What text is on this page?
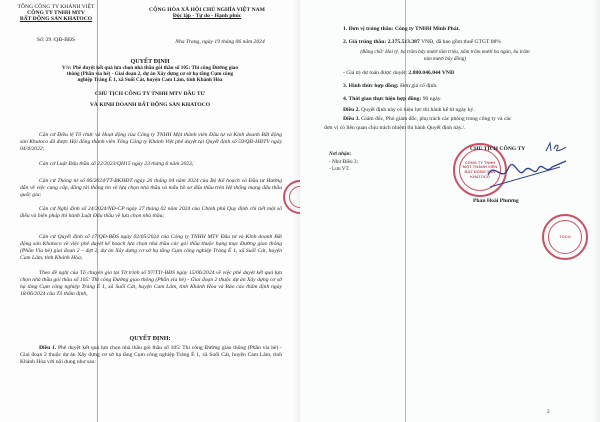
TỔNG CÔNG TY KHÁNH VIỆT
CÔNG TY TNHH MTV
BẤT ĐỘNG SẢN KHATOCO
Số: 29 /QĐ-BĐS
CỘNG HÒA XÃ HỘI CHỦ NGHĨA VIỆT NAM
Độc lập - Tự do - Hạnh phúc
Nha Trang, ngày 19 tháng 06 năm 2024
QUYẾT ĐỊNH
V/v: Phê duyệt kết quả lựa chọn nhà thầu gói thầu số 105: Thi công Đường giao
thông (Phần vỉa hè) - Giai đoạn 2, dự án Xây dựng cơ sở hạ tầng Cụm công
nghiệp Trảng É 1, xã Suối Cát, huyện Cam Lâm, tỉnh Khánh Hòa
CHỦ TỊCH CÔNG TY TNHH MTV ĐẦU TƯ
VÀ KINH DOANH BẤT ĐỘNG SẢN KHATOCO
Căn cứ Điều lệ Tổ chức và Hoạt động của Công ty TNHH Một thành viên Đầu tư và Kinh doanh Bất động sản Khatoco đã được Hội đồng thành viên Tổng Công ty Khánh Việt phê duyệt tại Quyết định số 59/QĐ-HĐTV ngày 04/4/2022;
Căn cứ Luật Đấu thầu số 22/2023/QH15 ngày 23 tháng 6 năm 2023;
Căn cứ Thông tư số 06/2024/TT-BKHĐT ngày 26 tháng 04 năm 2024 của Bộ Kế hoạch và Đầu tư Hướng dẫn về việc cung cấp, đăng tải thông tin về lựa chọn nhà thầu và mẫu hồ sơ đấu thầu trên Hệ thống mạng đấu thầu quốc gia;
Căn cứ Nghị định số 24/2024/NĐ-CP ngày 27 tháng 02 năm 2024 của Chính phủ Quy định chi tiết một số điều và biện pháp thi hành Luật Đấu thầu về lựa chọn nhà thầu;
Căn cứ Quyết định số 17/QĐ-BĐS ngày 02/05/2024 của Công ty TNHH MTV Đầu tư và Kinh doanh Bất động sản Khatoco về việc phê duyệt kế hoạch lựa chọn nhà thầu các gói thầu thuộc hạng mục Đường giao thông (Phần Vỉa hè) giai đoạn 2 – đợt 2, dự án Xây dựng cơ sở hạ tầng Cụm công nghiệp Trảng É 1, xã Suối Cát, huyện Cam Lâm, tỉnh Khánh Hòa;
Theo đề nghị của Tổ chuyên gia tại Tờ trình số 97/TTr-BĐS ngày 15/06/2024 về việc phê duyệt kết quả lựa chọn nhà thầu gói thầu số 105: Thi công Đường giao thông (Phần vỉa hè) - Giai đoạn 2 thuộc dự án Xây dựng cơ sở hạ tầng Cụm công nghiệp Trảng É 1, xã Suối Cát, huyện Cam Lâm, tỉnh Khánh Hòa và Báo cáo thẩm định ngày 18/06/2024 của Tổ thẩm định,
QUYẾT ĐỊNH:
Điều 1. Phê duyệt kết quả lựa chọn nhà thầu gói thầu số 105: Thi công Đường giao thông (Phần vỉa hè) - Giai đoạn 2 thuộc dự án Xây dựng cơ sở hạ tầng Cụm công nghiệp Trảng É 1, xã Suối Cát, huyện Cam Lâm, tỉnh Khánh Hòa với nội dung như sau:
1. Đơn vị trúng thầu: Công ty TNHH Minh Phát.
2. Giá trúng thầu: 2.375.513.387 VNĐ, đã bao gồm thuế GTGT 08%
(Bằng chữ: Hai tỷ, ba trăm bảy mươi lăm triệu, năm trăm mười ba ngàn, ba trăm
tám mươi bảy đồng)
- Giá trị dự toán được duyệt: 2.880.046.044 VNĐ
3. Hình thức hợp đồng: Đơn giá cố định.
4. Thời gian thực hiện hợp đồng: 90 ngày.
Điều 2. Quyết định này có hiệu lực thi hành kể từ ngày ký.
Điều 3. Giám đốc, Phó giám đốc, phụ trách các phòng trong công ty và các
đơn vị có liên quan chịu trách nhiệm thi hành Quyết định này./.
Nơi nhận:
- Như Điều 3;
- Lưu VT.
CÔNG TY TNHH
MỘT THÀNH VIÊN
BẤT ĐỘNG SẢN
KHATOCO
CHỦ TỊCH CÔNG TY
Phan Hoài Phương
TOCO
2
